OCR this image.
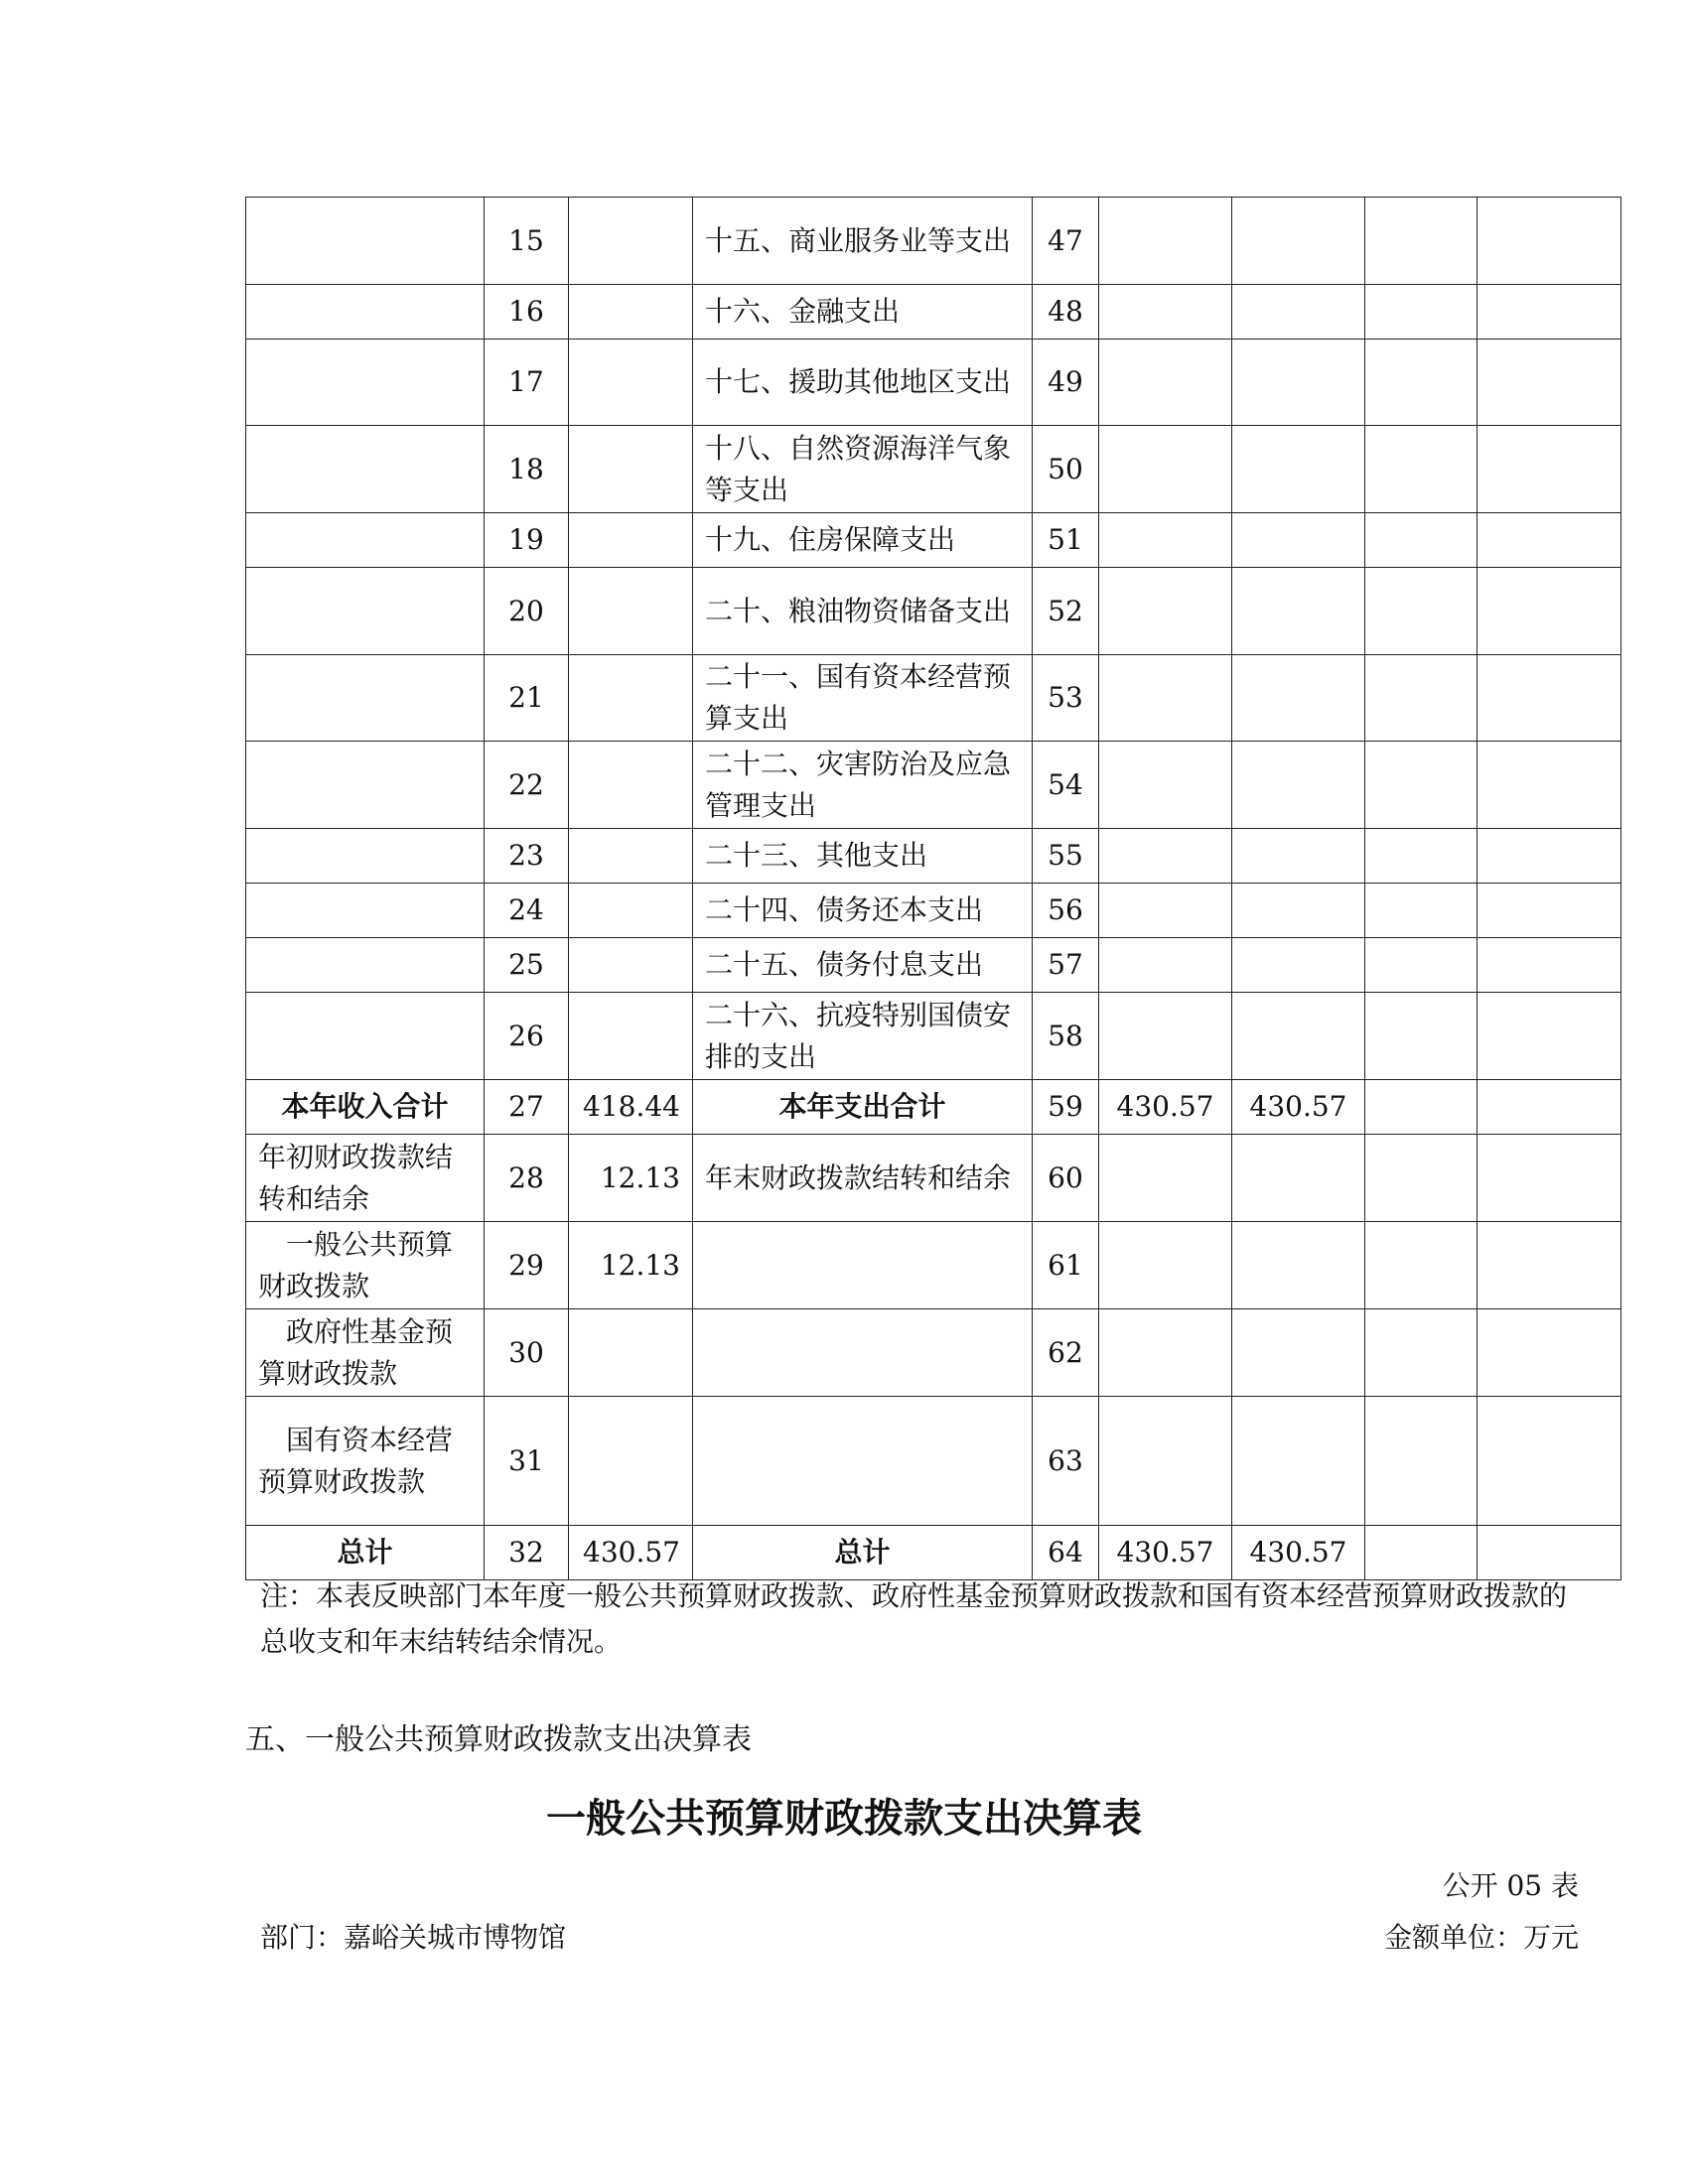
	15		十五、商业服务业等支出	47				
	16		十六、金融支出	48				
	17		十七、援助其他地区支出	49				
	18		十八、自然资源海洋气象等支出	50				
	19		十九、住房保障支出	51				
	20		二十、粮油物资储备支出	52				
	21		二十一、国有资本经营预算支出	53				
	22		二十二、灾害防治及应急管理支出	54				
	23		二十三、其他支出	55				
	24		二十四、债务还本支出	56				
	25		二十五、债务付息支出	57				
	26		二十六、抗疫特别国债安排的支出	58				
本年收入合计	27	418.44	本年支出合计	59	430.57	430.57		
年初财政拨款结转和结余	28	12.13	年末财政拨款结转和结余	60				
一般公共预算财政拨款	29	12.13		61				
政府性基金预算财政拨款	30			62				
国有资本经营预算财政拨款	31			63				
总计	32	430.57	总计	64	430.57	430.57		
注：本表反映部门本年度一般公共预算财政拨款、政府性基金预算财政拨款和国有资本经营预算财政拨款的总收支和年末结转结余情况。
五、一般公共预算财政拨款支出决算表
一般公共预算财政拨款支出决算表
公开 05 表
部门：嘉峪关城市博物馆	金额单位：万元
